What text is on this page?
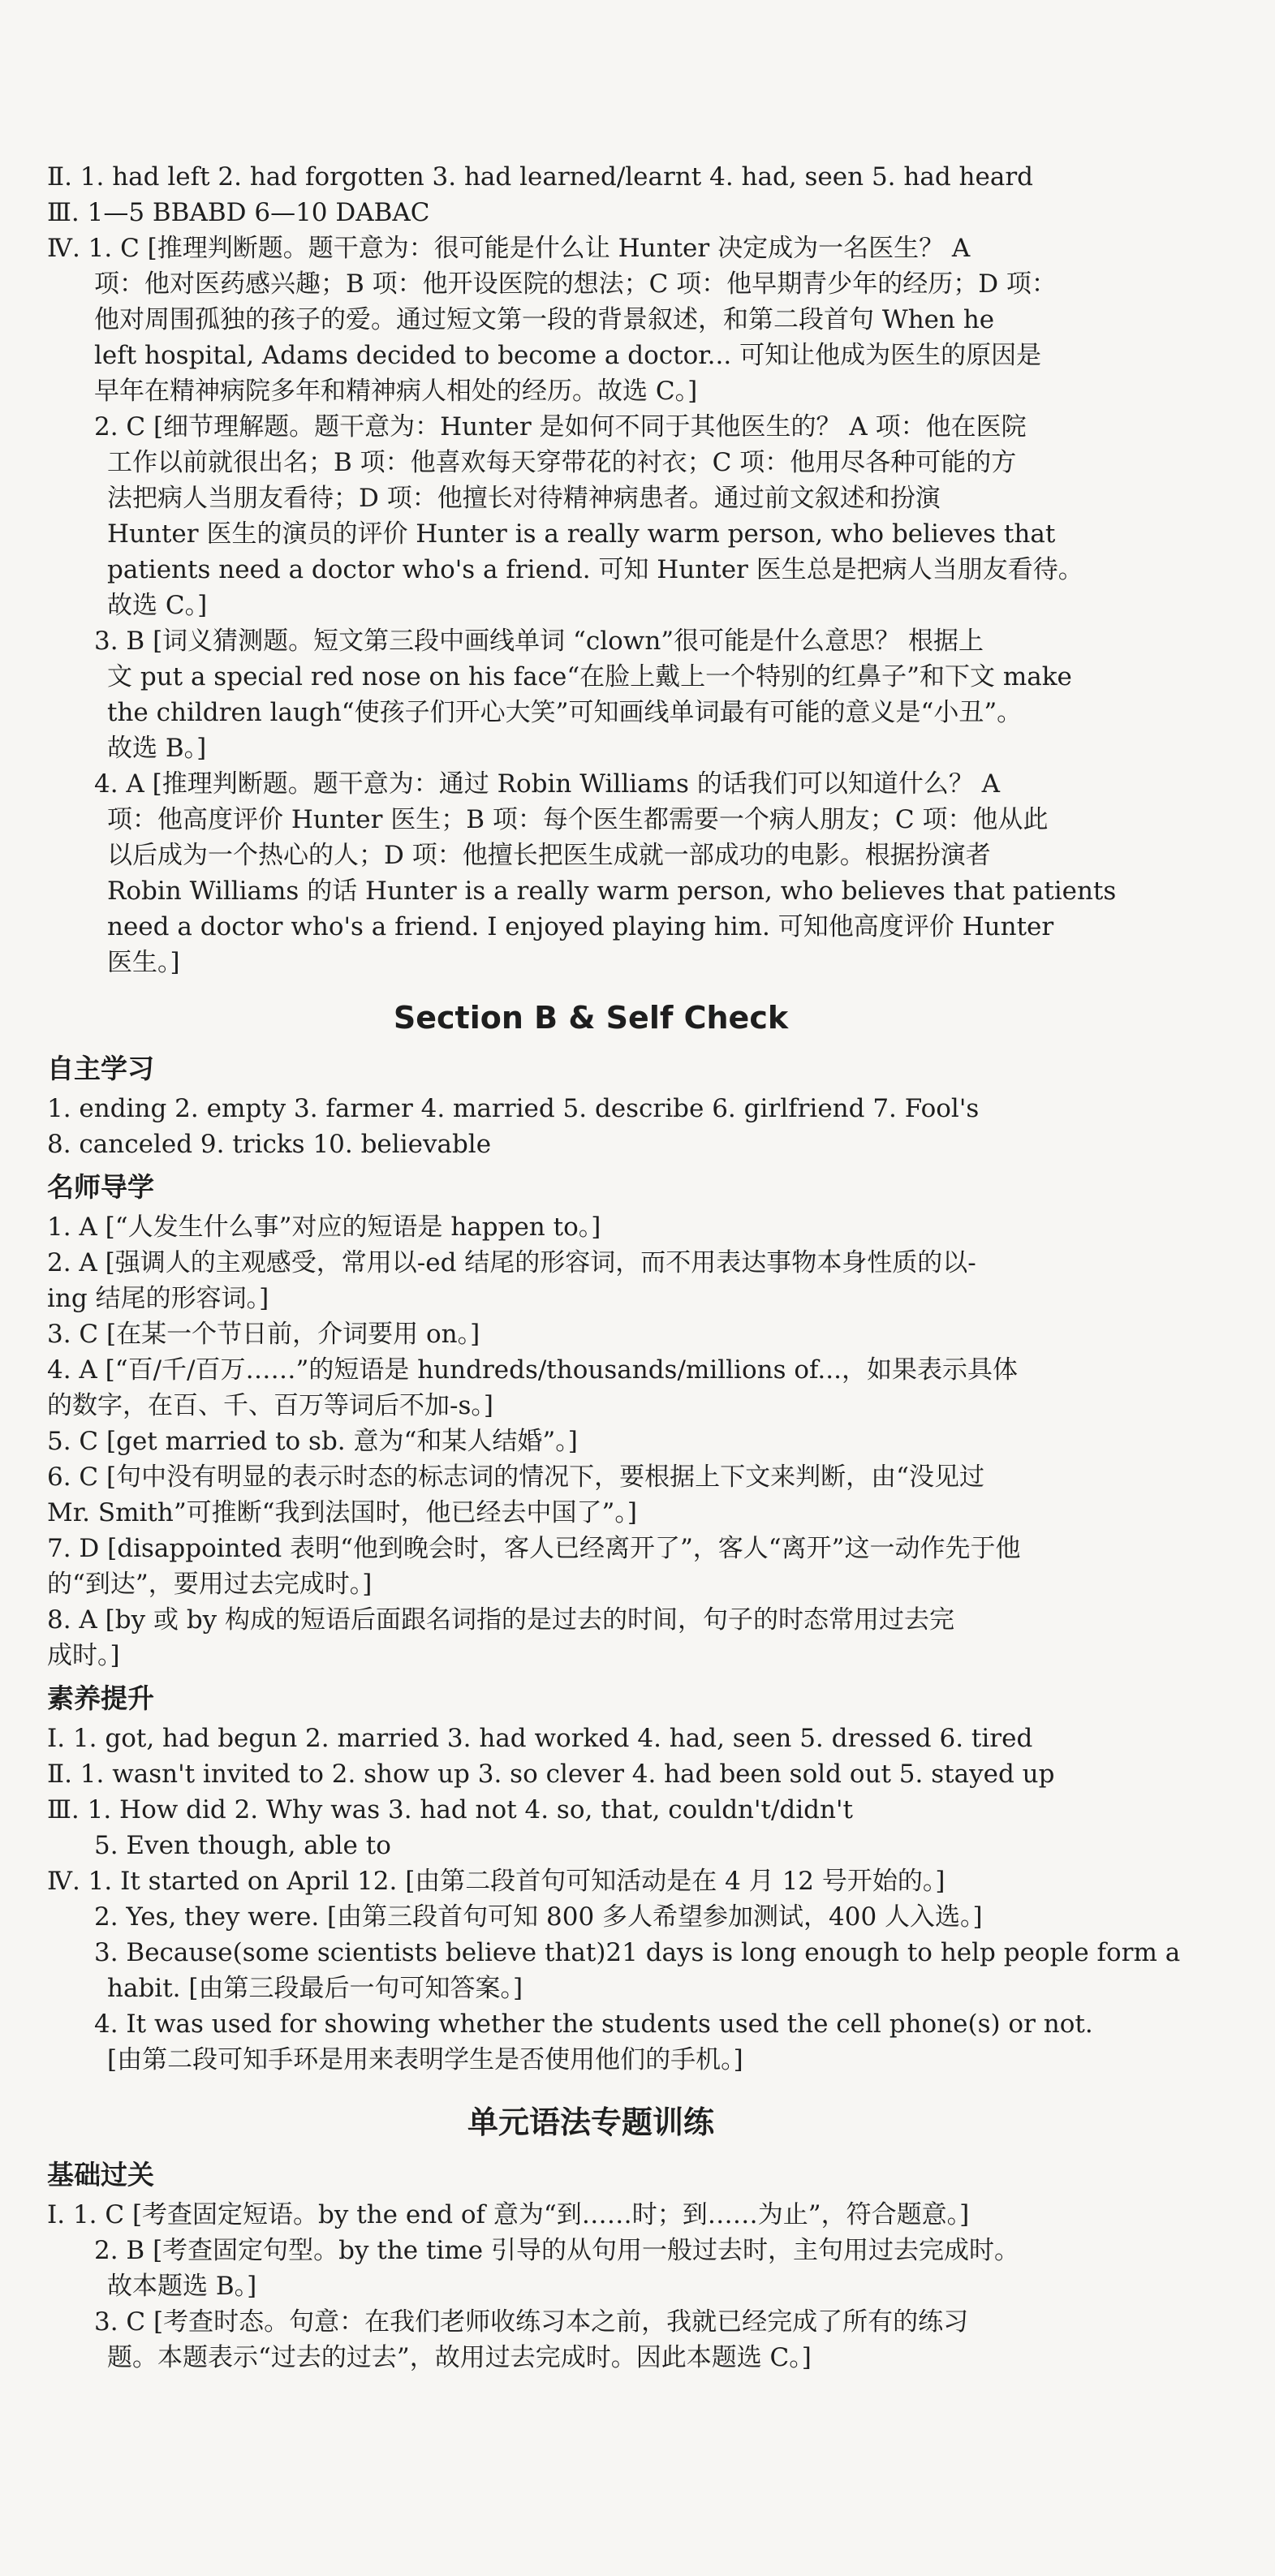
Ⅱ. 1. had left 2. had forgotten 3. had learned/learnt 4. had, seen 5. had heard

Ⅲ. 1—5 BBABD 6—10 DABAC

Ⅳ. 1. C [推理判断题。题干意为：很可能是什么让 Hunter 决定成为一名医生？ A

项：他对医药感兴趣；B 项：他开设医院的想法；C 项：他早期青少年的经历；D 项：

他对周围孤独的孩子的爱。通过短文第一段的背景叙述，和第二段首句 When he

left hospital, Adams decided to become a doctor... 可知让他成为医生的原因是

早年在精神病院多年和精神病人相处的经历。故选 C。]

2. C [细节理解题。题干意为：Hunter 是如何不同于其他医生的？ A 项：他在医院

工作以前就很出名；B 项：他喜欢每天穿带花的衬衣；C 项：他用尽各种可能的方

法把病人当朋友看待；D 项：他擅长对待精神病患者。通过前文叙述和扮演

Hunter 医生的演员的评价 Hunter is a really warm person, who believes that

patients need a doctor who's a friend. 可知 Hunter 医生总是把病人当朋友看待。

故选 C。]

3. B [词义猜测题。短文第三段中画线单词 “clown”很可能是什么意思？ 根据上

文 put a special red nose on his face“在脸上戴上一个特别的红鼻子”和下文 make

the children laugh“使孩子们开心大笑”可知画线单词最有可能的意义是“小丑”。

故选 B。]

4. A [推理判断题。题干意为：通过 Robin Williams 的话我们可以知道什么？ A

项：他高度评价 Hunter 医生；B 项：每个医生都需要一个病人朋友；C 项：他从此

以后成为一个热心的人；D 项：他擅长把医生成就一部成功的电影。根据扮演者

Robin Williams 的话 Hunter is a really warm person, who believes that patients

need a doctor who's a friend. I enjoyed playing him. 可知他高度评价 Hunter

医生。]

Section B & Self Check
自主学习

1. ending 2. empty 3. farmer 4. married 5. describe 6. girlfriend 7. Fool's

8. canceled 9. tricks 10. believable

名师导学

1. A [“人发生什么事”对应的短语是 happen to。]

2. A [强调人的主观感受，常用以-ed 结尾的形容词，而不用表达事物本身性质的以-

ing 结尾的形容词。]

3. C [在某一个节日前，介词要用 on。]

4. A [“百/千/百万……”的短语是 hundreds/thousands/millions of...，如果表示具体

的数字，在百、千、百万等词后不加-s。]

5. C [get married to sb. 意为“和某人结婚”。]

6. C [句中没有明显的表示时态的标志词的情况下，要根据上下文来判断，由“没见过

Mr. Smith”可推断“我到法国时，他已经去中国了”。]

7. D [disappointed 表明“他到晚会时，客人已经离开了”，客人“离开”这一动作先于他

的“到达”，要用过去完成时。]

8. A [by 或 by 构成的短语后面跟名词指的是过去的时间，句子的时态常用过去完

成时。]

素养提升

Ⅰ. 1. got, had begun 2. married 3. had worked 4. had, seen 5. dressed 6. tired

Ⅱ. 1. wasn't invited to 2. show up 3. so clever 4. had been sold out 5. stayed up

Ⅲ. 1. How did 2. Why was 3. had not 4. so, that, couldn't/didn't

5. Even though, able to

Ⅳ. 1. It started on April 12. [由第二段首句可知活动是在 4 月 12 号开始的。]

2. Yes, they were. [由第三段首句可知 800 多人希望参加测试，400 人入选。]

3. Because(some scientists believe that)21 days is long enough to help people form a

habit. [由第三段最后一句可知答案。]

4. It was used for showing whether the students used the cell phone(s) or not.

[由第二段可知手环是用来表明学生是否使用他们的手机。]

单元语法专题训练
基础过关

Ⅰ. 1. C [考查固定短语。by the end of 意为“到……时；到……为止”，符合题意。]

2. B [考查固定句型。by the time 引导的从句用一般过去时，主句用过去完成时。

故本题选 B。]

3. C [考查时态。句意：在我们老师收练习本之前，我就已经完成了所有的练习

题。本题表示“过去的过去”，故用过去完成时。因此本题选 C。]
